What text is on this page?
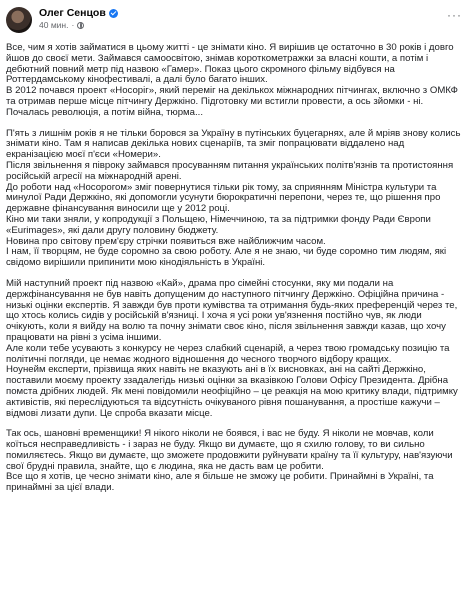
Олег Сенцов
40 мин. ·
···

Все, чим я хотів займатися в цьому житті - це знімати кіно. Я вирішив це остаточно в 30 років і довго йшов до своєї мети. Займався самоосвітою, знімав короткометражки за власні кошти, а потім і дебютний повний метр під назвою «Гамер». Показ цього скромного фільму відбувся на Роттердамському кінофестивалі, а далі було багато інших.
В 2012 почався проект «Носоріг», який переміг на декількох міжнародних пітчингах, включно з ОМКФ та отримав перше місце пітчингу Держкіно. Підготовку ми встигли провести, а ось зйомки - ні. Почалась революція, а потім війна, тюрма...

П'ять з лишнім років я не тільки боровся за Україну в путінських буцегарнях, але й мріяв знову колись знімати кіно. Там я написав декілька нових сценаріїв, та зміг попрацювати віддалено над екранізацією моєї п'єси «Номери».
Після звільнення я півроку займався просуванням питання українських політв'язнів та протистояння російській агресії на міжнародній арені.
До роботи над «Носорогом» зміг повернутися тільки рік тому, за сприянням Міністра культури та минулої Ради Держкіно, які допомогли усунути бюрократичні перепони, через те, що рішення про державне фінансування виносили ще у 2012 році.
Кіно ми таки зняли, у копродукції з Польщею, Німеччиною, та за підтримки фонду Ради Європи «Eurimages», які дали другу половину бюджету.
Новина про світову прем'єру стрічки появиться вже найближчим часом.
І нам, її творцям, не буде соромно за свою роботу. Але я не знаю, чи буде соромно тим людям, які свідомо вирішили припинити мою кінодіяльність в Україні.

Мій наступний проект під назвою «Кай», драма про сімейні стосунки, яку ми подали на держфінансування не був навіть допущеним до наступного пітчингу Держкіно. Офіційна причина - низькі оцінки експертів. Я завжди був проти кумівства та отримання будь-яких преференцій через те, що хтось колись сидів у російській в'язниці. І хоча я усі роки ув'язнення постійно чув, як люди очікують, коли я вийду на волю та почну знімати своє кіно, після звільнення завжди казав, що хочу працювати на рівні з усіма іншими.
Але коли тебе усувають з конкурсу не через слабкий сценарій, а через твою громадську позицію та політичні погляди, це немає жодного відношення до чесного творчого відбору кращих.
Ноунейм експерти, прізвища яких навіть не вказують ані в їх висновках, ані на сайті Держкіно, поставили моєму проекту ззадалегідь низькі оцінки за вказівкою Голови Офісу Президента. Дрібна помста дрібних людей. Як мені повідомили неофіційно – це реакція на мою критику влади, підтримку активістів, які переслідуються та відсутність очікуваного рівня пошанування, а простіше кажучи – відмові лизати дупи. Це спроба вказати місце.

Так ось, шановні временщики! Я нікого ніколи не боявся, і вас не буду. Я ніколи не мовчав, коли коїться несправедливість - і зараз не буду. Якщо ви думаєте, що я схилю голову, то ви сильно помиляєтесь. Якщо ви думаєте, що зможете продовжити руйнувати країну та її культуру, нав'язуючи свої брудні правила, знайте, що є людина, яка не дасть вам це робити.
Все що я хотів, це чесно знімати кіно, але я більше не зможу це робити. Принаймні в Україні, та принаймні за цієї влади.
